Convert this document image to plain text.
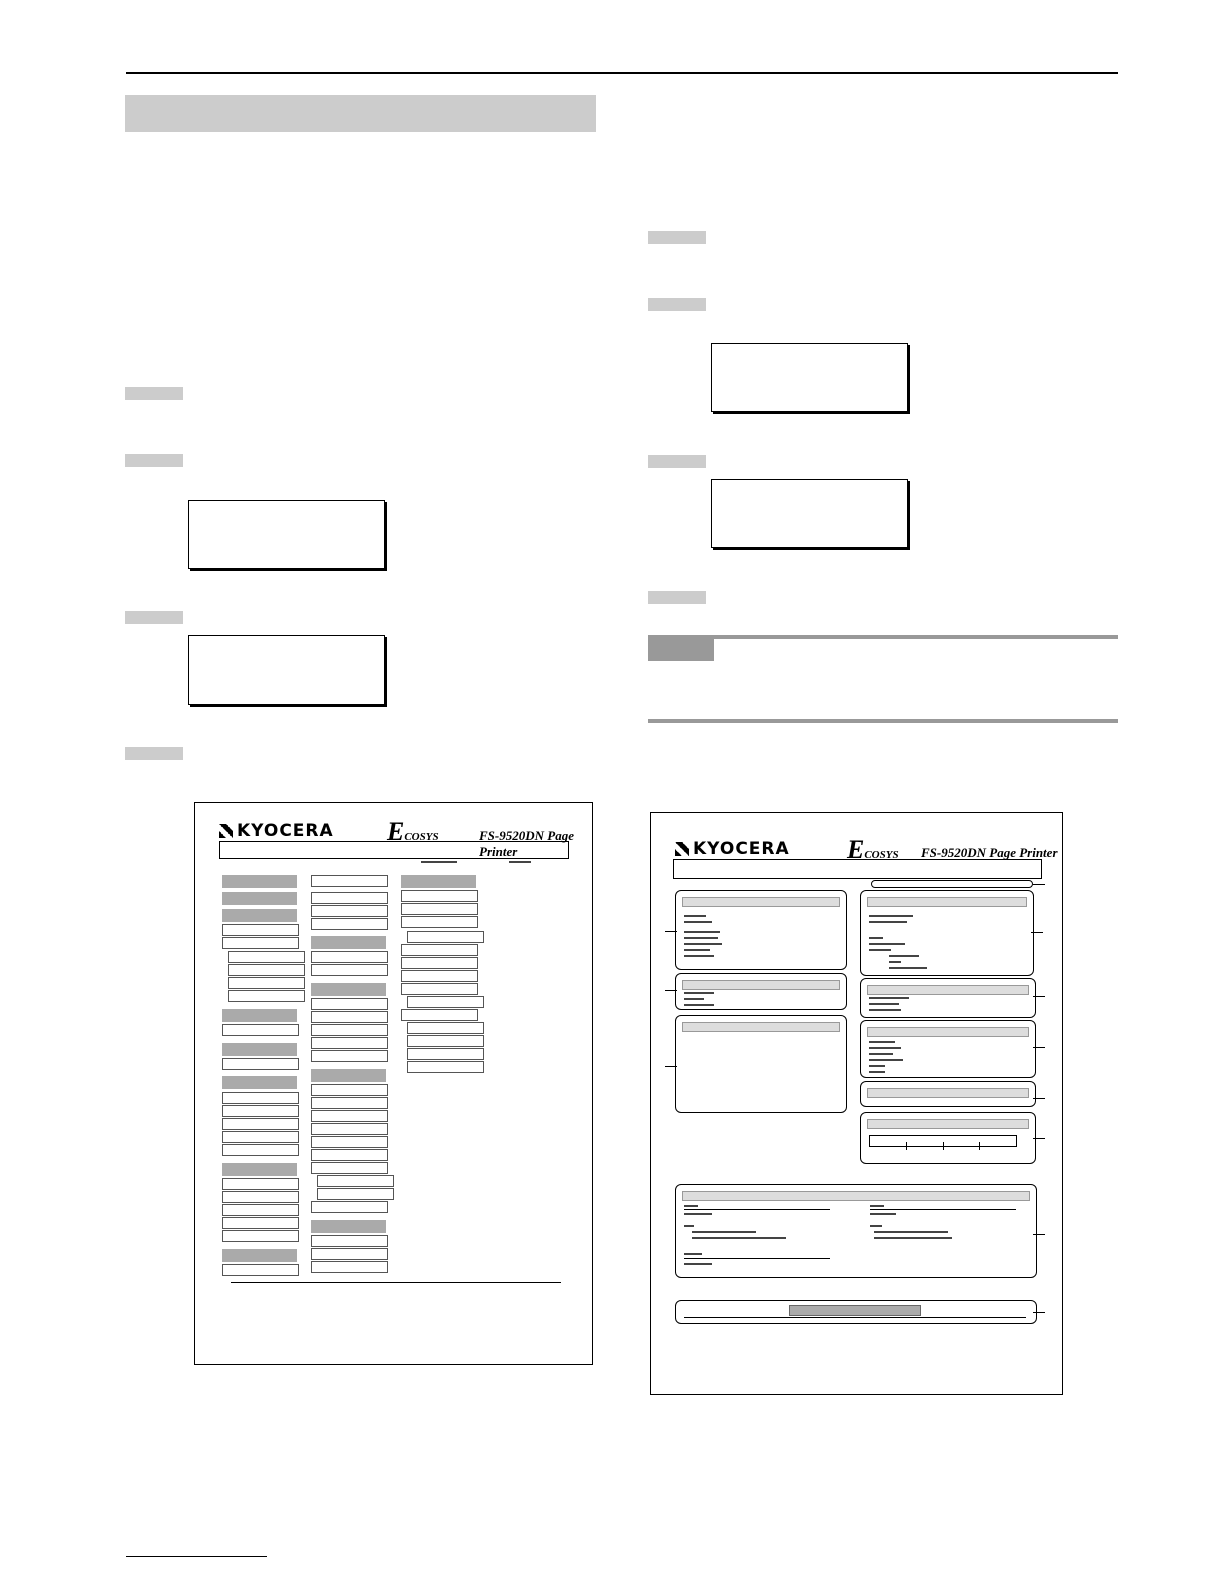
KYOCERA ECOSYS	FS-9520DN Page Printer	KYOCERA ECOSYS FS-9520DN Page Printer
